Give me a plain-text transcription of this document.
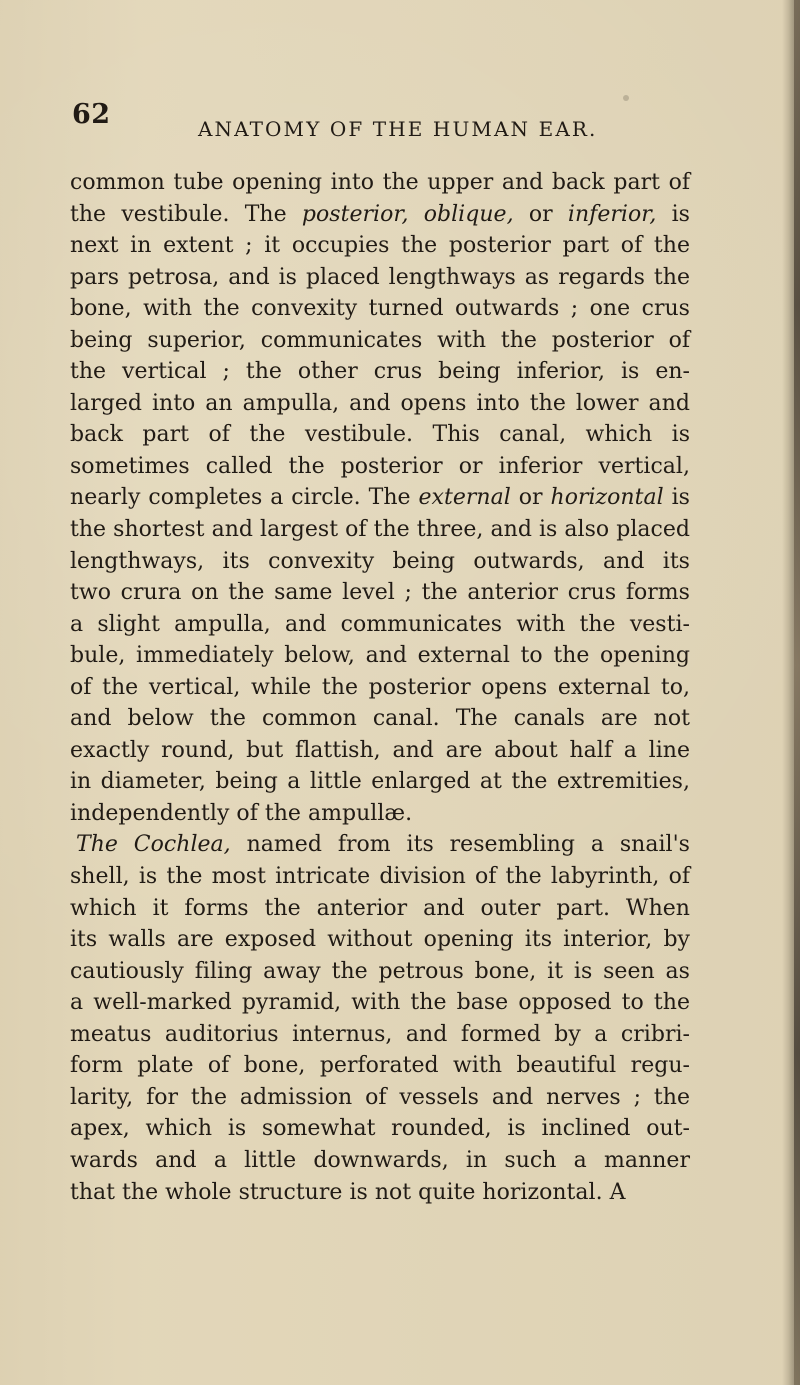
62	ANATOMY OF THE HUMAN EAR.
common tube opening into the upper and back part of
the vestibule. The posterior, oblique, or inferior, is
next in extent ; it occupies the posterior part of the
pars petrosa, and is placed lengthways as regards the
bone, with the convexity turned outwards ; one crus
being superior, communicates with the posterior of
the vertical ; the other crus being inferior, is en-
larged into an ampulla, and opens into the lower and
back part of the vestibule. This canal, which is
sometimes called the posterior or inferior vertical,
nearly completes a circle. The external or horizontal is
the shortest and largest of the three, and is also placed
lengthways, its convexity being outwards, and its
two crura on the same level ; the anterior crus forms
a slight ampulla, and communicates with the vesti-
bule, immediately below, and external to the opening
of the vertical, while the posterior opens external to,
and below the common canal. The canals are not
exactly round, but flattish, and are about half a line
in diameter, being a little enlarged at the extremities,
independently of the ampullæ.
The Cochlea, named from its resembling a snail's
shell, is the most intricate division of the labyrinth, of
which it forms the anterior and outer part. When
its walls are exposed without opening its interior, by
cautiously filing away the petrous bone, it is seen as
a well-marked pyramid, with the base opposed to the
meatus auditorius internus, and formed by a cribri-
form plate of bone, perforated with beautiful regu-
larity, for the admission of vessels and nerves ; the
apex, which is somewhat rounded, is inclined out-
wards and a little downwards, in such a manner
that the whole structure is not quite horizontal. A
